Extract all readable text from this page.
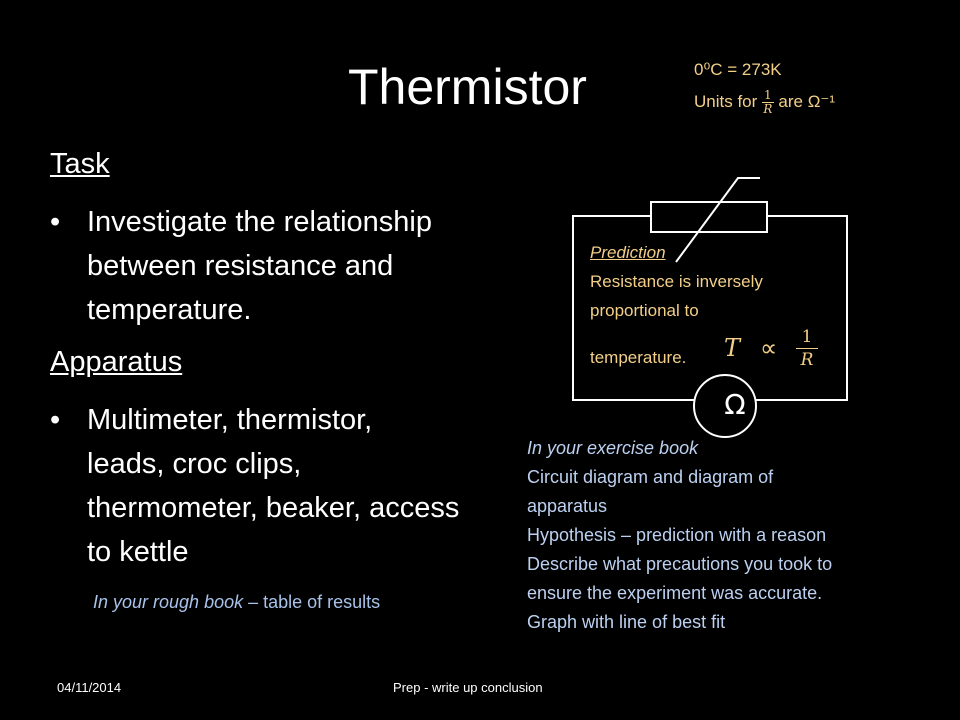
Thermistor	0⁰C = 273K
Units for $\frac{1}{R}$ are Ω⁻¹
Task
• Investigate the relationship
between resistance and
temperature.
Apparatus
• Multimeter, thermistor,
leads, croc clips,
thermometer, beaker, access
to kettle
In your rough book – table of results
Ω
Prediction
Resistance is inversely
proportional to
temperature. $T \propto \frac{1}{R}$
In your exercise book
Circuit diagram and diagram of
apparatus
Hypothesis – prediction with a reason
Describe what precautions you took to
ensure the experiment was accurate.
Graph with line of best fit
04/11/2014	Prep - write up conclusion
